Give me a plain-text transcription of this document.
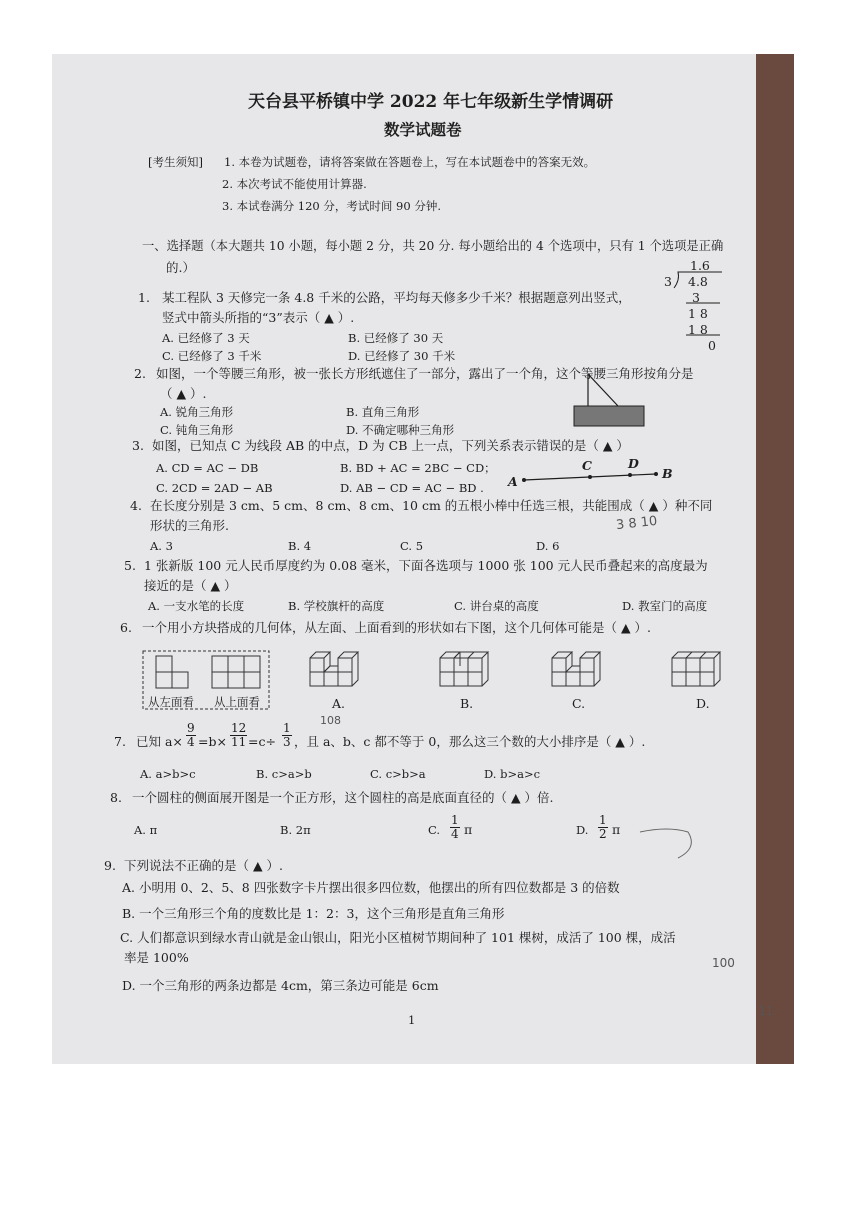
天台县平桥镇中学 2022 年七年级新生学情调研
数学试题卷
[考生须知] 1. 本卷为试题卷，请将答案做在答题卷上，写在本试题卷中的答案无效。
2. 本次考试不能使用计算器.
3. 本试卷满分 120 分，考试时间 90 分钟.
一、选择题（本大题共 10 小题，每小题 2 分，共 20 分. 每小题给出的 4 个选项中，只有 1 个选项是正确
的.）	1.6
3 4.8
3
1 8
1 8
0
1. 某工程队 3 天修完一条 4.8 千米的公路，平均每天修多少千米？根据题意列出竖式，
竖式中箭头所指的“3”表示（ ▲ ）.
A. 已经修了 3 天	B. 已经修了 30 天
C. 已经修了 3 千米	D. 已经修了 30 千米
2. 如图，一个等腰三角形，被一张长方形纸遮住了一部分，露出了一个角，这个等腰三角形按角分是
（ ▲ ）.
A. 锐角三角形	B. 直角三角形
C. 钝角三角形	D. 不确定哪种三角形
3. 如图，已知点 C 为线段 AB 的中点，D 为 CB 上一点，下列关系表示错误的是（ ▲ ）
A. CD = AC − DB	B. BD + AC = 2BC − CD；
C. 2CD = 2AD − AB	D. AB − CD = AC − BD . A
C	D
B
4. 在长度分别是 3 cm、5 cm、8 cm、8 cm、10 cm 的五根小棒中任选三根，共能围成（ ▲ ）种不同
形状的三角形.
A. 3	B. 4	C. 5	D. 6
3 8 10
5. 1 张新版 100 元人民币厚度约为 0.08 毫米，下面各选项与 1000 张 100 元人民币叠起来的高度最为
接近的是（ ▲ ）
A. 一支水笔的长度	B. 学校旗杆的高度	C. 讲台桌的高度	D. 教室门的高度
6. 一个用小方块搭成的几何体，从左面、上面看到的形状如右下图，这个几何体可能是（ ▲ ）.
从左面看 从上面看	A.	B.	C.	D.
108
7. 已知 $a\times \frac{9}{4} =b\times \frac{12}{11} =c\div \frac{1}{3}$ ，且 a、b、c 都不等于 0，那么这三个数的大小排序是（ ▲ ）.
A. a>b>c	B. c>a>b	C. c>b>a	D. b>a>c
8. 一个圆柱的侧面展开图是一个正方形，这个圆柱的高是底面直径的（ ▲ ）倍.
A. π	B. 2π	C. $\frac{1}{4}$ π	D. $\frac{1}{2}$ π
9. 下列说法不正确的是（ ▲ ）.
A. 小明用 0、2、5、8 四张数字卡片摆出很多四位数，他摆出的所有四位数都是 3 的倍数
B. 一个三角形三个角的度数比是 1：2：3，这个三角形是直角三角形
C. 人们都意识到绿水青山就是金山银山，阳光小区植树节期间种了 101 棵树，成活了 100 棵，成活
率是 100%
D. 一个三角形的两条边都是 4cm，第三条边可能是 6cm
100
11
1
